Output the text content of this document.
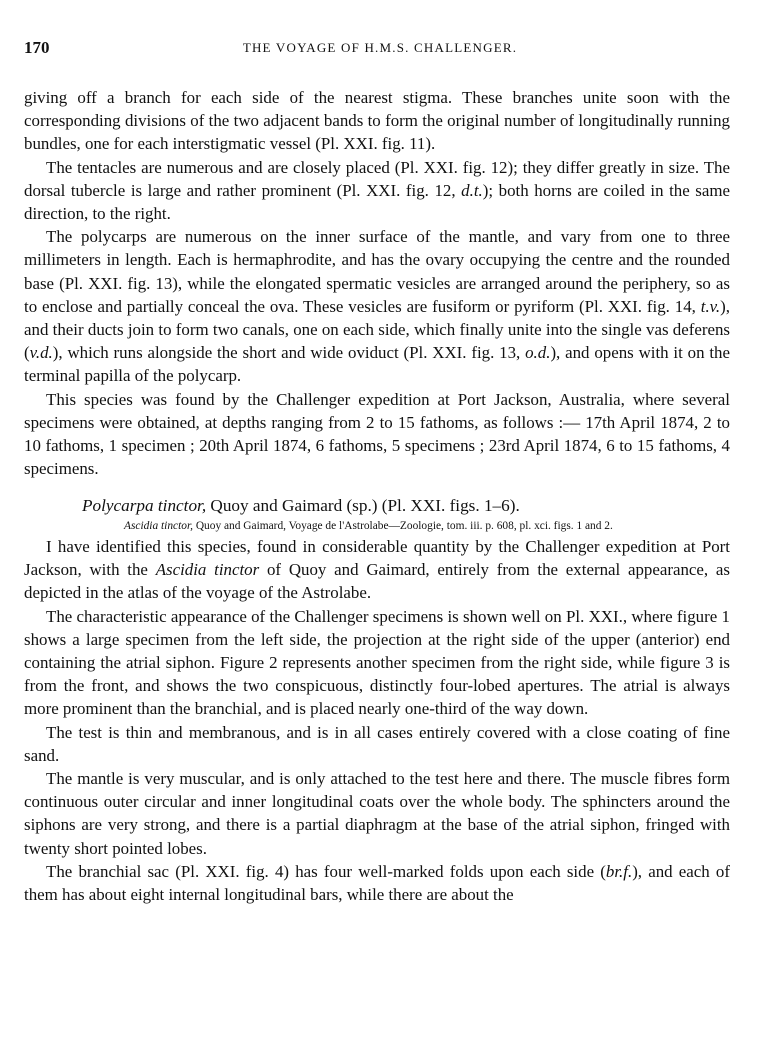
170	THE VOYAGE OF H.M.S. CHALLENGER.

giving off a branch for each side of the nearest stigma. These branches unite soon with the corresponding divisions of the two adjacent bands to form the original number of longitudinally running bundles, one for each interstigmatic vessel (Pl. XXI. fig. 11).

The tentacles are numerous and are closely placed (Pl. XXI. fig. 12); they differ greatly in size. The dorsal tubercle is large and rather prominent (Pl. XXI. fig. 12, d.t.); both horns are coiled in the same direction, to the right.

The polycarps are numerous on the inner surface of the mantle, and vary from one to three millimeters in length. Each is hermaphrodite, and has the ovary occupying the centre and the rounded base (Pl. XXI. fig. 13), while the elongated spermatic vesicles are arranged around the periphery, so as to enclose and partially conceal the ova. These vesicles are fusiform or pyriform (Pl. XXI. fig. 14, t.v.), and their ducts join to form two canals, one on each side, which finally unite into the single vas deferens (v.d.), which runs alongside the short and wide oviduct (Pl. XXI. fig. 13, o.d.), and opens with it on the terminal papilla of the polycarp.

This species was found by the Challenger expedition at Port Jackson, Australia, where several specimens were obtained, at depths ranging from 2 to 15 fathoms, as follows :— 17th April 1874, 2 to 10 fathoms, 1 specimen ; 20th April 1874, 6 fathoms, 5 specimens ; 23rd April 1874, 6 to 15 fathoms, 4 specimens.

Polycarpa tinctor, Quoy and Gaimard (sp.) (Pl. XXI. figs. 1–6).

Ascidia tinctor, Quoy and Gaimard, Voyage de l'Astrolabe—Zoologie, tom. iii. p. 608, pl. xci. figs. 1 and 2.

I have identified this species, found in considerable quantity by the Challenger expedition at Port Jackson, with the Ascidia tinctor of Quoy and Gaimard, entirely from the external appearance, as depicted in the atlas of the voyage of the Astrolabe.

The characteristic appearance of the Challenger specimens is shown well on Pl. XXI., where figure 1 shows a large specimen from the left side, the projection at the right side of the upper (anterior) end containing the atrial siphon. Figure 2 represents another specimen from the right side, while figure 3 is from the front, and shows the two conspicuous, distinctly four-lobed apertures. The atrial is always more prominent than the branchial, and is placed nearly one-third of the way down.

The test is thin and membranous, and is in all cases entirely covered with a close coating of fine sand.

The mantle is very muscular, and is only attached to the test here and there. The muscle fibres form continuous outer circular and inner longitudinal coats over the whole body. The sphincters around the siphons are very strong, and there is a partial diaphragm at the base of the atrial siphon, fringed with twenty short pointed lobes.

The branchial sac (Pl. XXI. fig. 4) has four well-marked folds upon each side (br.f.), and each of them has about eight internal longitudinal bars, while there are about the
